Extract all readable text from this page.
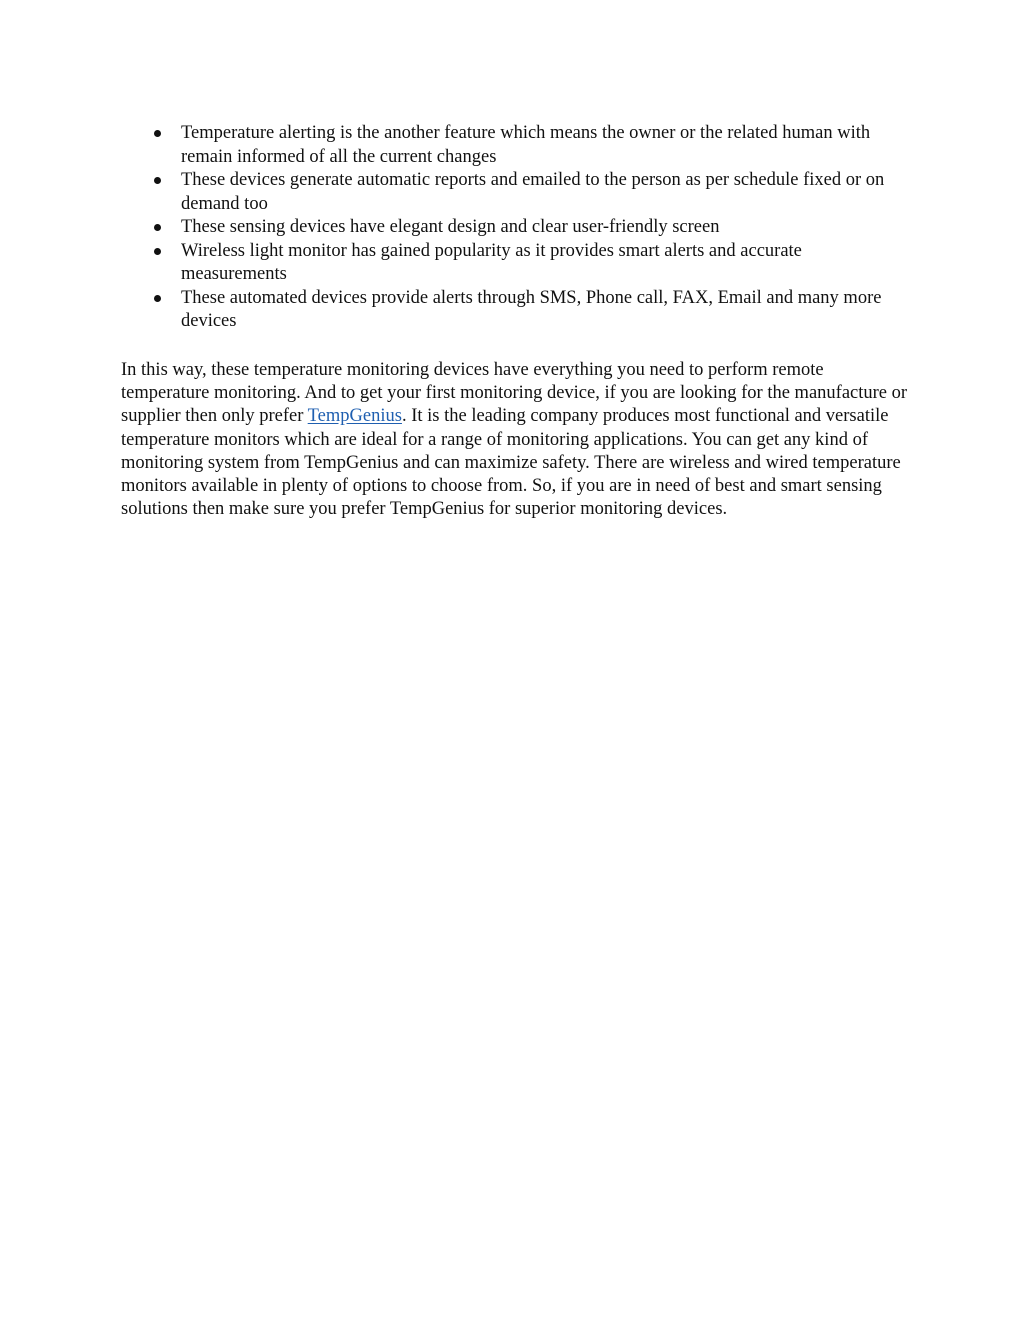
Temperature alerting is the another feature which means the owner or the related human with remain informed of all the current changes
These devices generate automatic reports and emailed to the person as per schedule fixed or on demand too
These sensing devices have elegant design and clear user-friendly screen
Wireless light monitor has gained popularity as it provides smart alerts and accurate measurements
These automated devices provide alerts through SMS, Phone call, FAX, Email and many more devices

In this way, these temperature monitoring devices have everything you need to perform remote temperature monitoring. And to get your first monitoring device, if you are looking for the manufacture or supplier then only prefer TempGenius. It is the leading company produces most functional and versatile temperature monitors which are ideal for a range of monitoring applications. You can get any kind of monitoring system from TempGenius and can maximize safety. There are wireless and wired temperature monitors available in plenty of options to choose from. So, if you are in need of best and smart sensing solutions then make sure you prefer TempGenius for superior monitoring devices.
